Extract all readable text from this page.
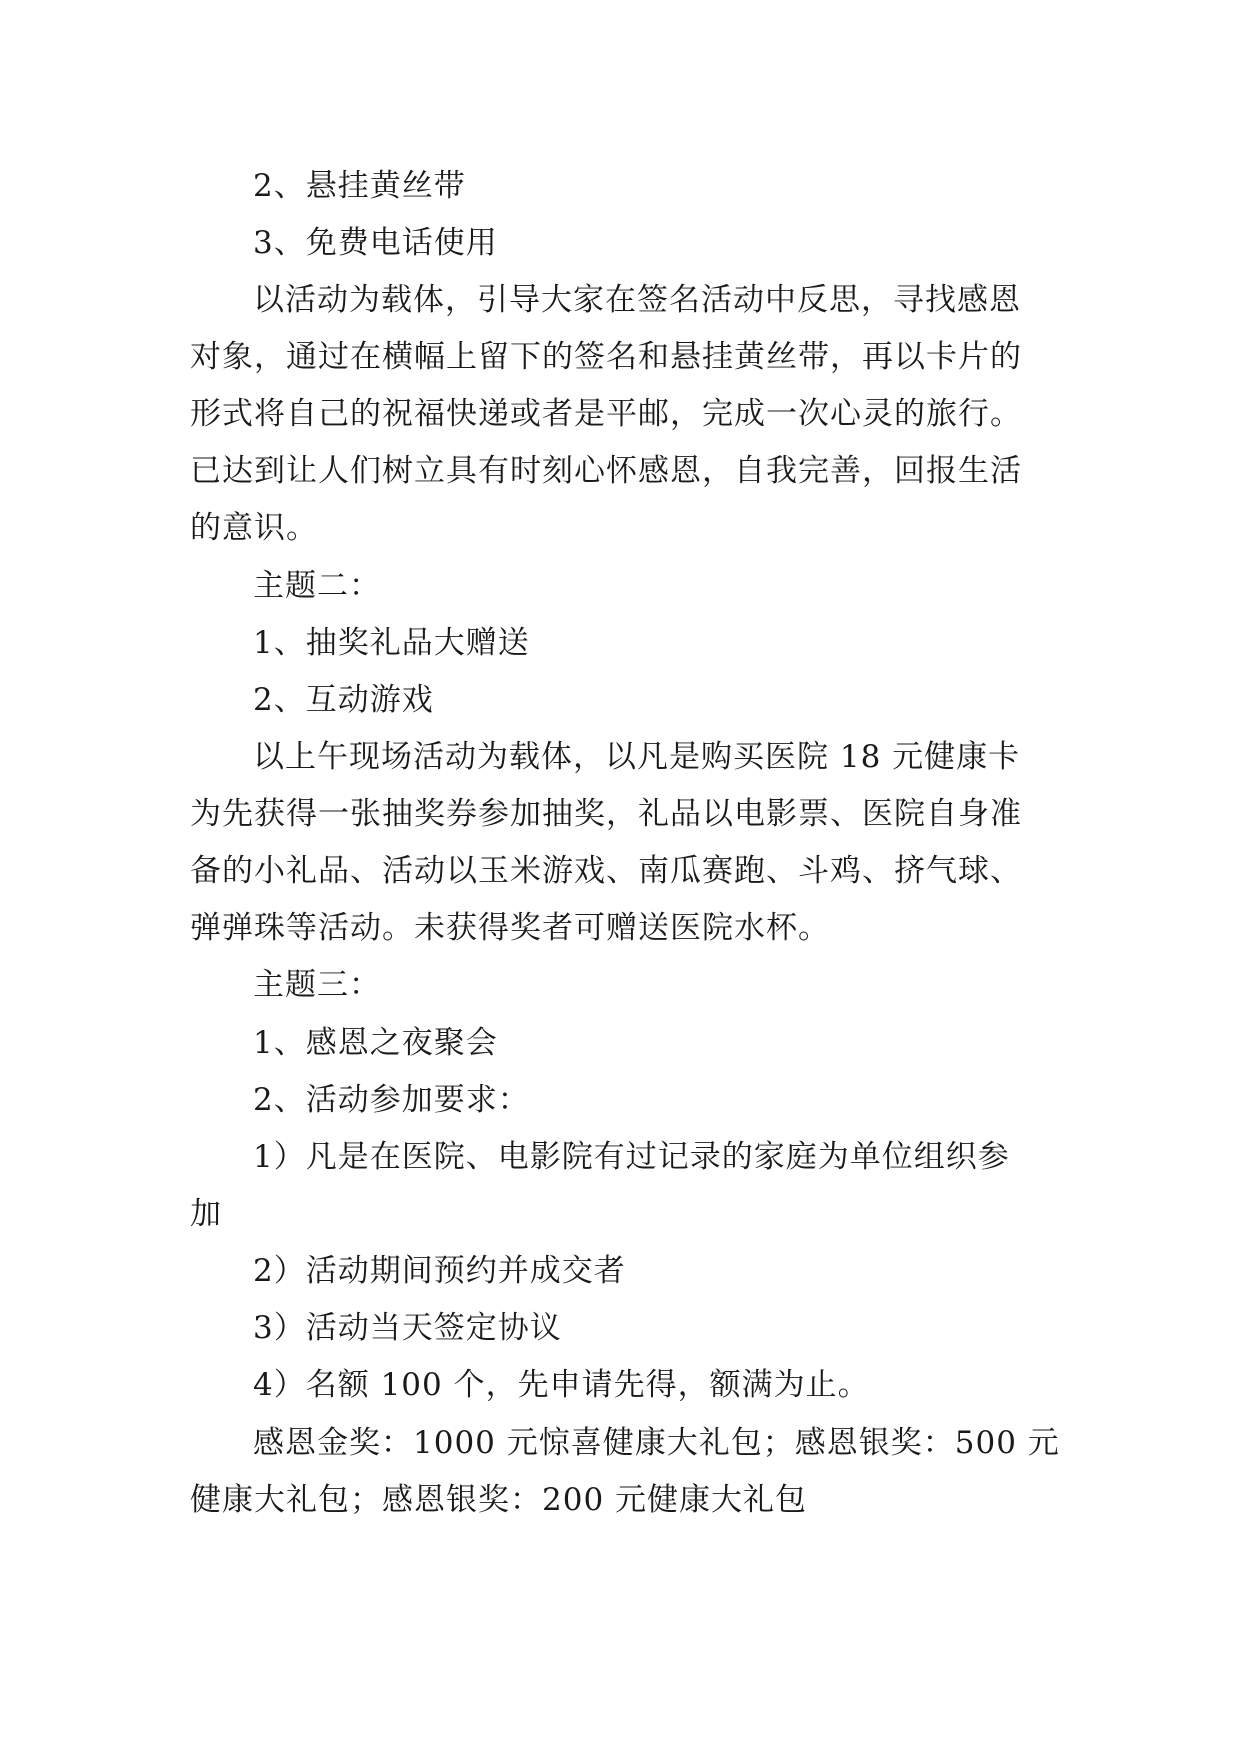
2、悬挂黄丝带
3、免费电话使用
以活动为载体，引导大家在签名活动中反思，寻找感恩
对象，通过在横幅上留下的签名和悬挂黄丝带，再以卡片的
形式将自己的祝福快递或者是平邮，完成一次心灵的旅行。
已达到让人们树立具有时刻心怀感恩，自我完善，回报生活
的意识。
主题二：
1、抽奖礼品大赠送
2、互动游戏
以上午现场活动为载体，以凡是购买医院 18 元健康卡
为先获得一张抽奖券参加抽奖，礼品以电影票、医院自身准
备的小礼品、活动以玉米游戏、南瓜赛跑、斗鸡、挤气球、
弹弹珠等活动。未获得奖者可赠送医院水杯。
主题三：
1、感恩之夜聚会
2、活动参加要求：
1）凡是在医院、电影院有过记录的家庭为单位组织参
加
2）活动期间预约并成交者
3）活动当天签定协议
4）名额 100 个，先申请先得，额满为止。
感恩金奖：1000 元惊喜健康大礼包；感恩银奖：500 元
健康大礼包；感恩银奖：200 元健康大礼包
